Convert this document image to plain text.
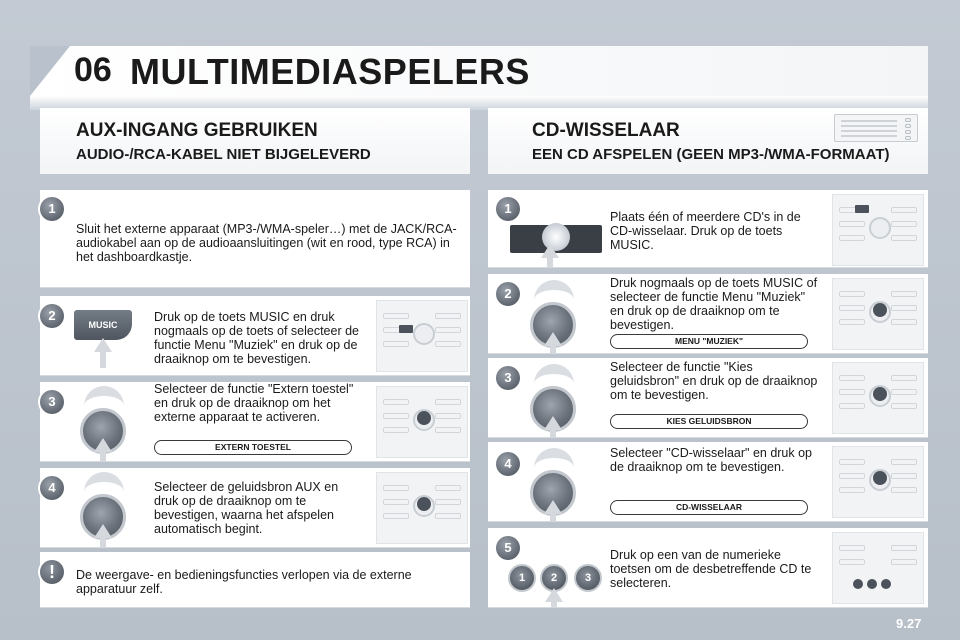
06 MULTIMEDIASPELERS
AUX-INGANG GEBRUIKEN
AUDIO-/RCA-KABEL NIET BIJGELEVERD
CD-WISSELAAR
EEN CD AFSPELEN (GEEN MP3-/WMA-FORMAAT)
Sluit het externe apparaat (MP3-/WMA-speler…) met de JACK/RCA-audiokabel aan op de audioaansluitingen (wit en rood, type RCA) in het dashboardkastje.
1
Druk op de toets MUSIC en druk nogmaals op de toets of selecteer de functie Menu "Muziek" en druk op de draaiknop om te bevestigen.
2
MUSIC
Selecteer de functie "Extern toestel" en druk op de draaiknop om het externe apparaat te activeren.
EXTERN TOESTEL
3
Selecteer de geluidsbron AUX en druk op de draaiknop om te bevestigen, waarna het afspelen automatisch begint.
4
De weergave- en bedieningsfuncties verlopen via de externe apparatuur zelf.
!
Plaats één of meerdere CD's in de CD-wisselaar. Druk op de toets MUSIC.
1
Druk nogmaals op de toets MUSIC of selecteer de functie Menu "Muziek" en druk op de draaiknop om te bevestigen.
MENU "MUZIEK"
2
Selecteer de functie "Kies geluidsbron" en druk op de draaiknop om te bevestigen.
KIES GELUIDSBRON
3
Selecteer "CD-wisselaar" en druk op de draaiknop om te bevestigen.
CD-WISSELAAR
4
Druk op een van de numerieke toetsen om de desbetreffende CD te selecteren.
5
1	2	3
9.27
